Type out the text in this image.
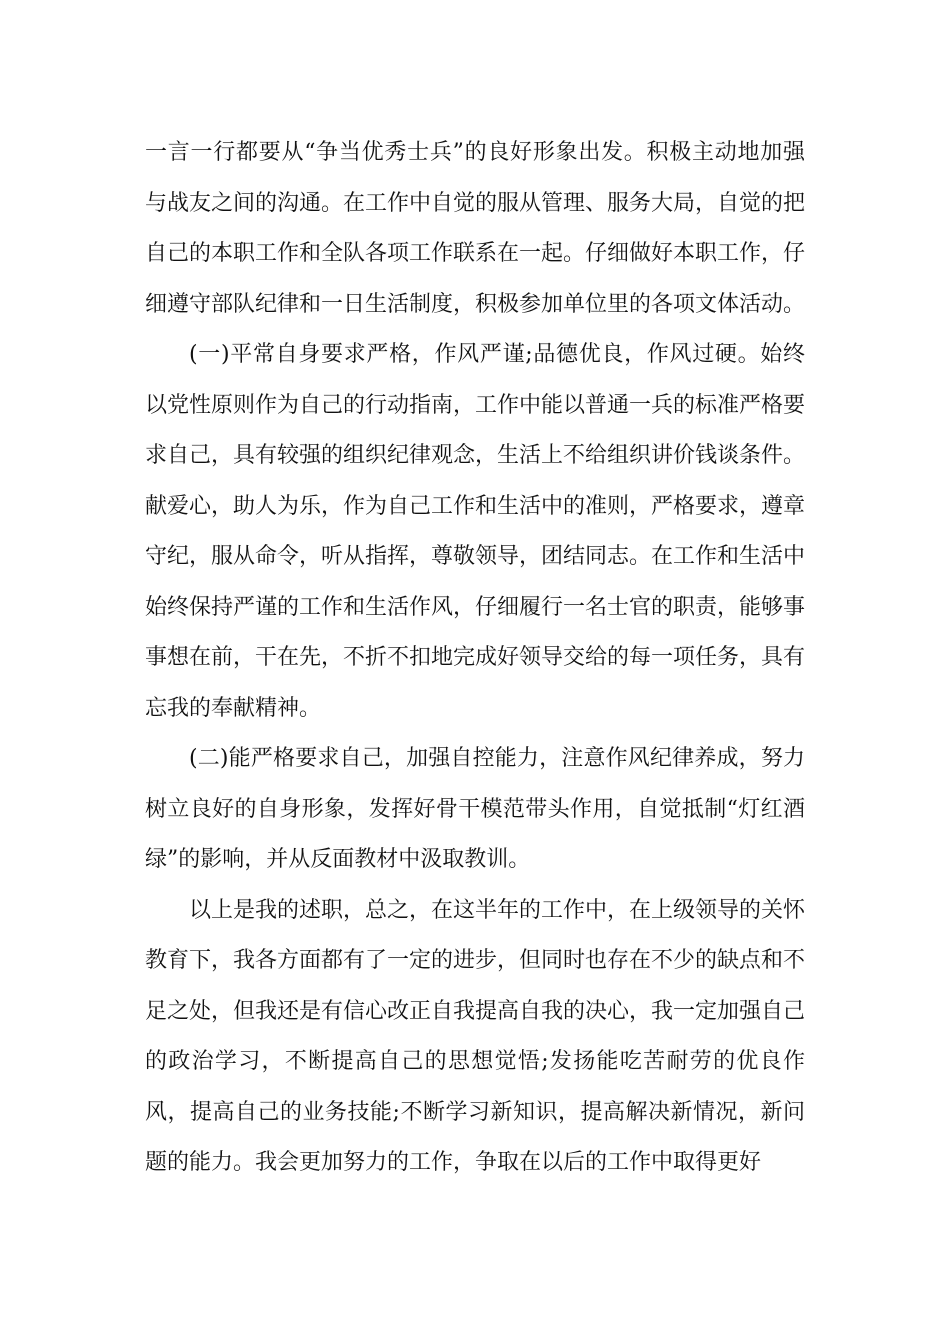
一言一行都要从“争当优秀士兵”的良好形象出发。积极主动地加强与战友之间的沟通。在工作中自觉的服从管理、服务大局，自觉的把自己的本职工作和全队各项工作联系在一起。仔细做好本职工作，仔细遵守部队纪律和一日生活制度，积极参加单位里的各项文体活动。

(一)平常自身要求严格，作风严谨;品德优良，作风过硬。始终以党性原则作为自己的行动指南，工作中能以普通一兵的标准严格要求自己，具有较强的组织纪律观念，生活上不给组织讲价钱谈条件。献爱心，助人为乐，作为自己工作和生活中的准则，严格要求，遵章守纪，服从命令，听从指挥，尊敬领导，团结同志。在工作和生活中始终保持严谨的工作和生活作风，仔细履行一名士官的职责，能够事事想在前，干在先，不折不扣地完成好领导交给的每一项任务，具有忘我的奉献精神。

(二)能严格要求自己，加强自控能力，注意作风纪律养成，努力树立良好的自身形象，发挥好骨干模范带头作用，自觉抵制“灯红酒绿”的影响，并从反面教材中汲取教训。

以上是我的述职，总之，在这半年的工作中，在上级领导的关怀教育下，我各方面都有了一定的进步，但同时也存在不少的缺点和不足之处，但我还是有信心改正自我提高自我的决心，我一定加强自己的政治学习，不断提高自己的思想觉悟;发扬能吃苦耐劳的优良作风，提高自己的业务技能;不断学习新知识，提高解决新情况，新问题的能力。我会更加努力的工作，争取在以后的工作中取得更好
